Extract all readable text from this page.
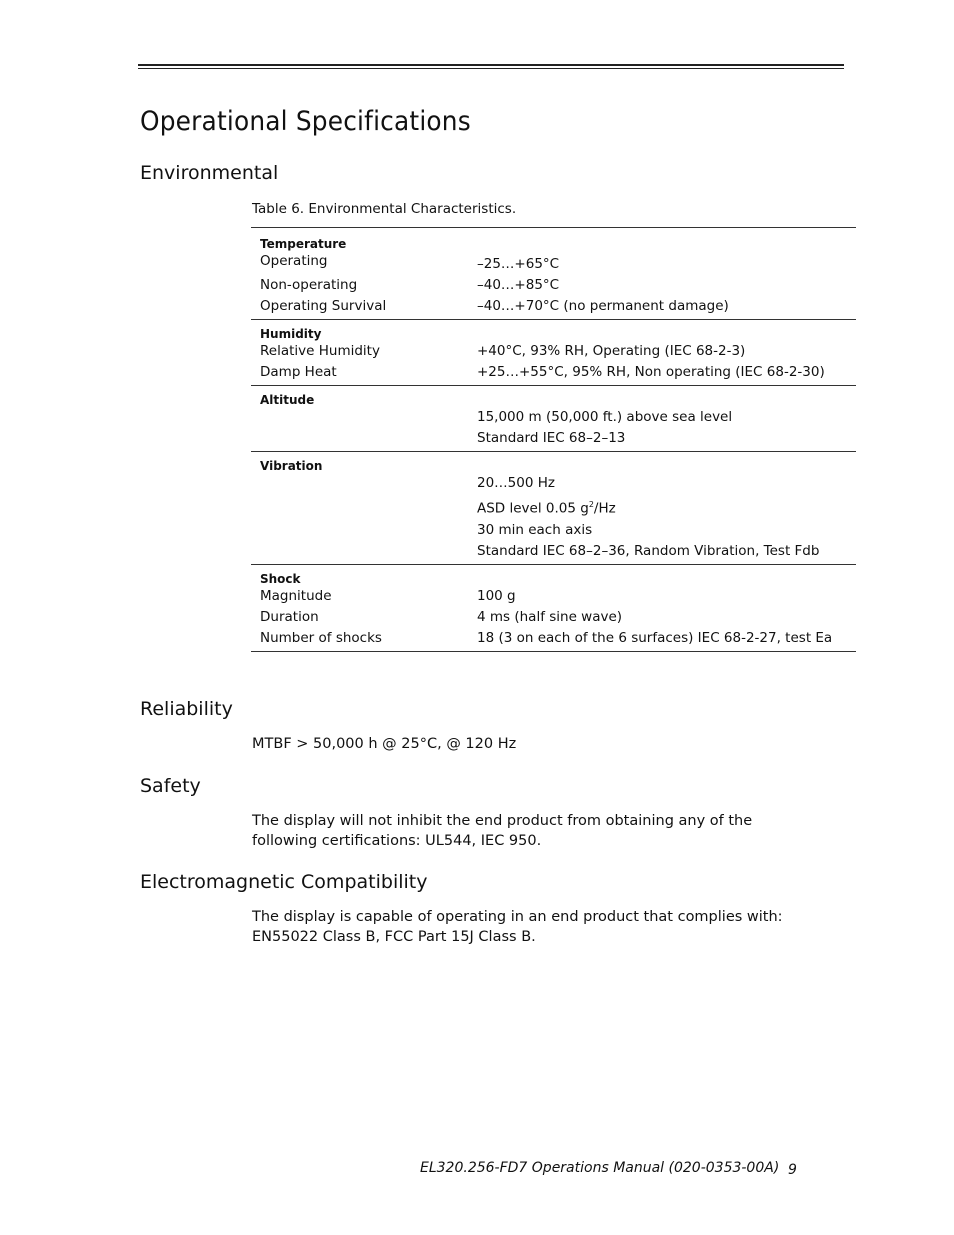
Operational Specifications
Environmental
Table 6. Environmental Characteristics.
Temperature	
Operating	–25…+65°C
Non-operating	–40…+85°C
Operating Survival	–40…+70°C (no permanent damage)
Humidity	
Relative Humidity	+40°C, 93% RH, Operating (IEC 68-2-3)
Damp Heat	+25…+55°C, 95% RH, Non operating (IEC 68-2-30)
Altitude	
	15,000 m (50,000 ft.) above sea level
	Standard IEC 68–2–13
Vibration	
	20…500 Hz
	ASD level 0.05 $g^2/Hz$
	30 min each axis
	Standard IEC 68–2–36, Random Vibration, Test Fdb
Shock	
Magnitude	100 g
Duration	4 ms (half sine wave)
Number of shocks	18 (3 on each of the 6 surfaces) IEC 68-2-27, test Ea
Reliability

MTBF > 50,000 h @ 25°C, @ 120 Hz

Safety
The display will not inhibit the end product from obtaining any of the
following certifications: UL544, IEC 950.
Electromagnetic Compatibility
The display is capable of operating in an end product that complies with:
EN55022 Class B, FCC Part 15J Class B.
EL320.256-FD7 Operations Manual (020-0353-00A) 9
